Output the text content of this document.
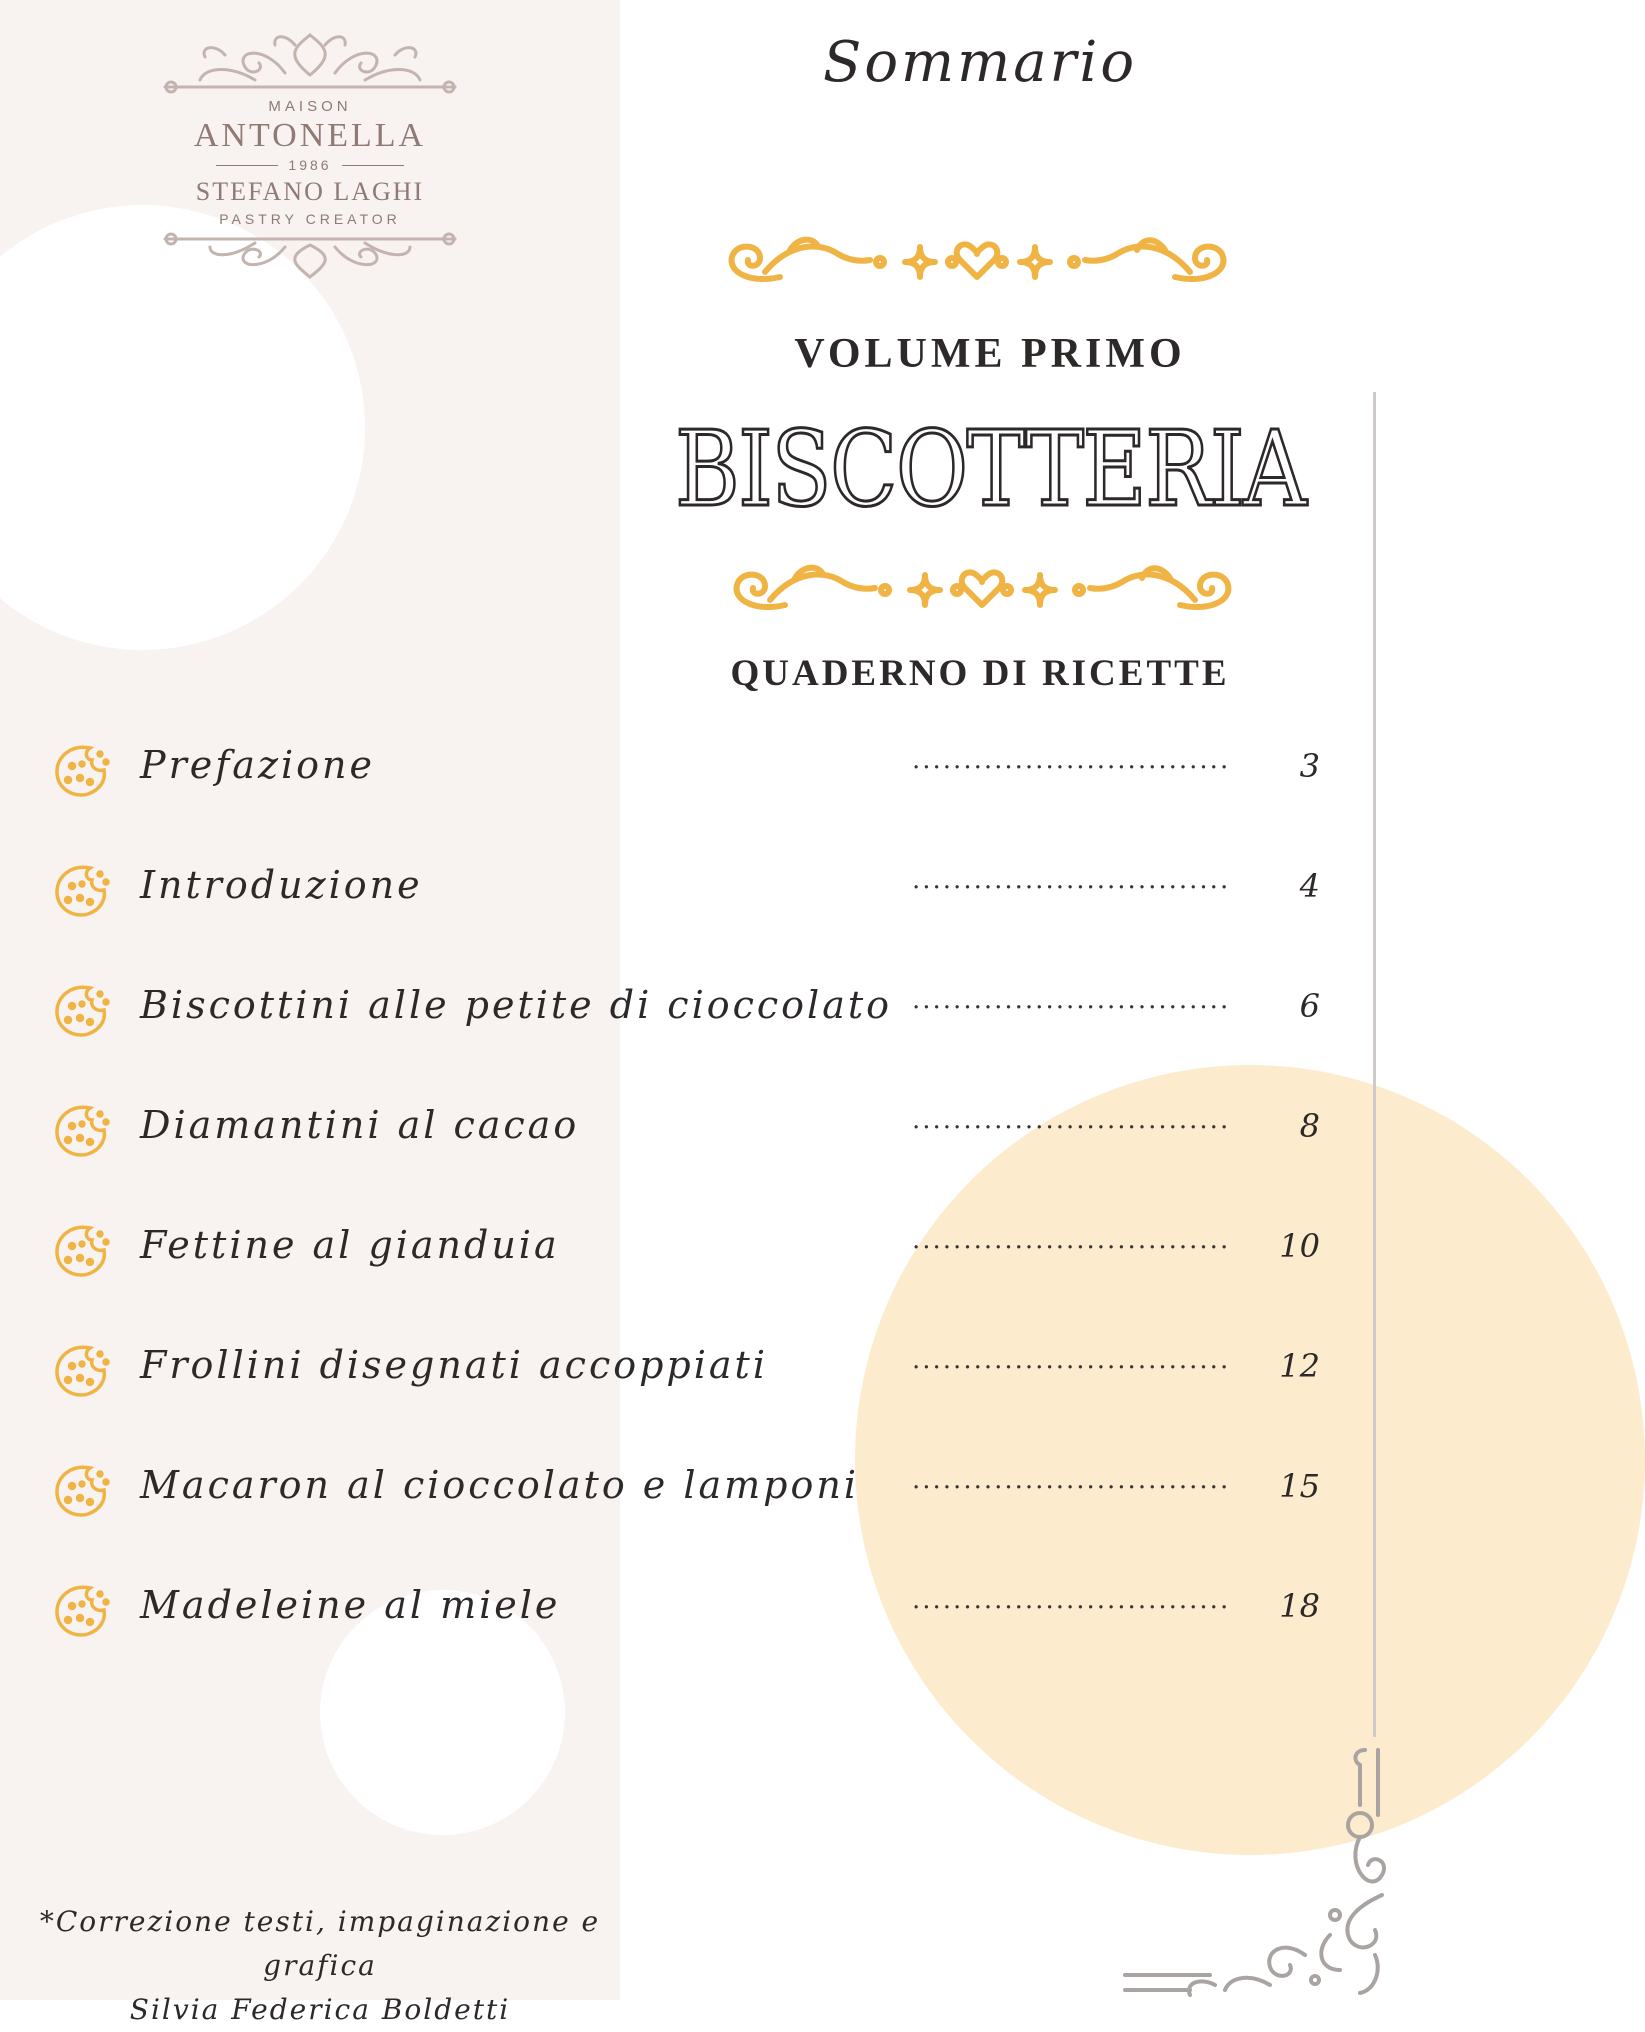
MAISON
ANTONELLA
1986
STEFANO LAGHI
PASTRY CREATOR
Sommario
VOLUME PRIMO
BISCOTTERIA
QUADERNO DI RICETTE
Prefazione	...............................	3
Introduzione	...............................	4
Biscottini alle petite di cioccolato ...............................	6
Diamantini al cacao	...............................	8
Fettine al gianduia	...............................	10
Frollini disegnati accoppiati	...............................	12
Macaron al cioccolato e lamponi ...............................	15
Madeleine al miele	...............................	18
*Correzione testi, impaginazione e grafica
Silvia Federica Boldetti
